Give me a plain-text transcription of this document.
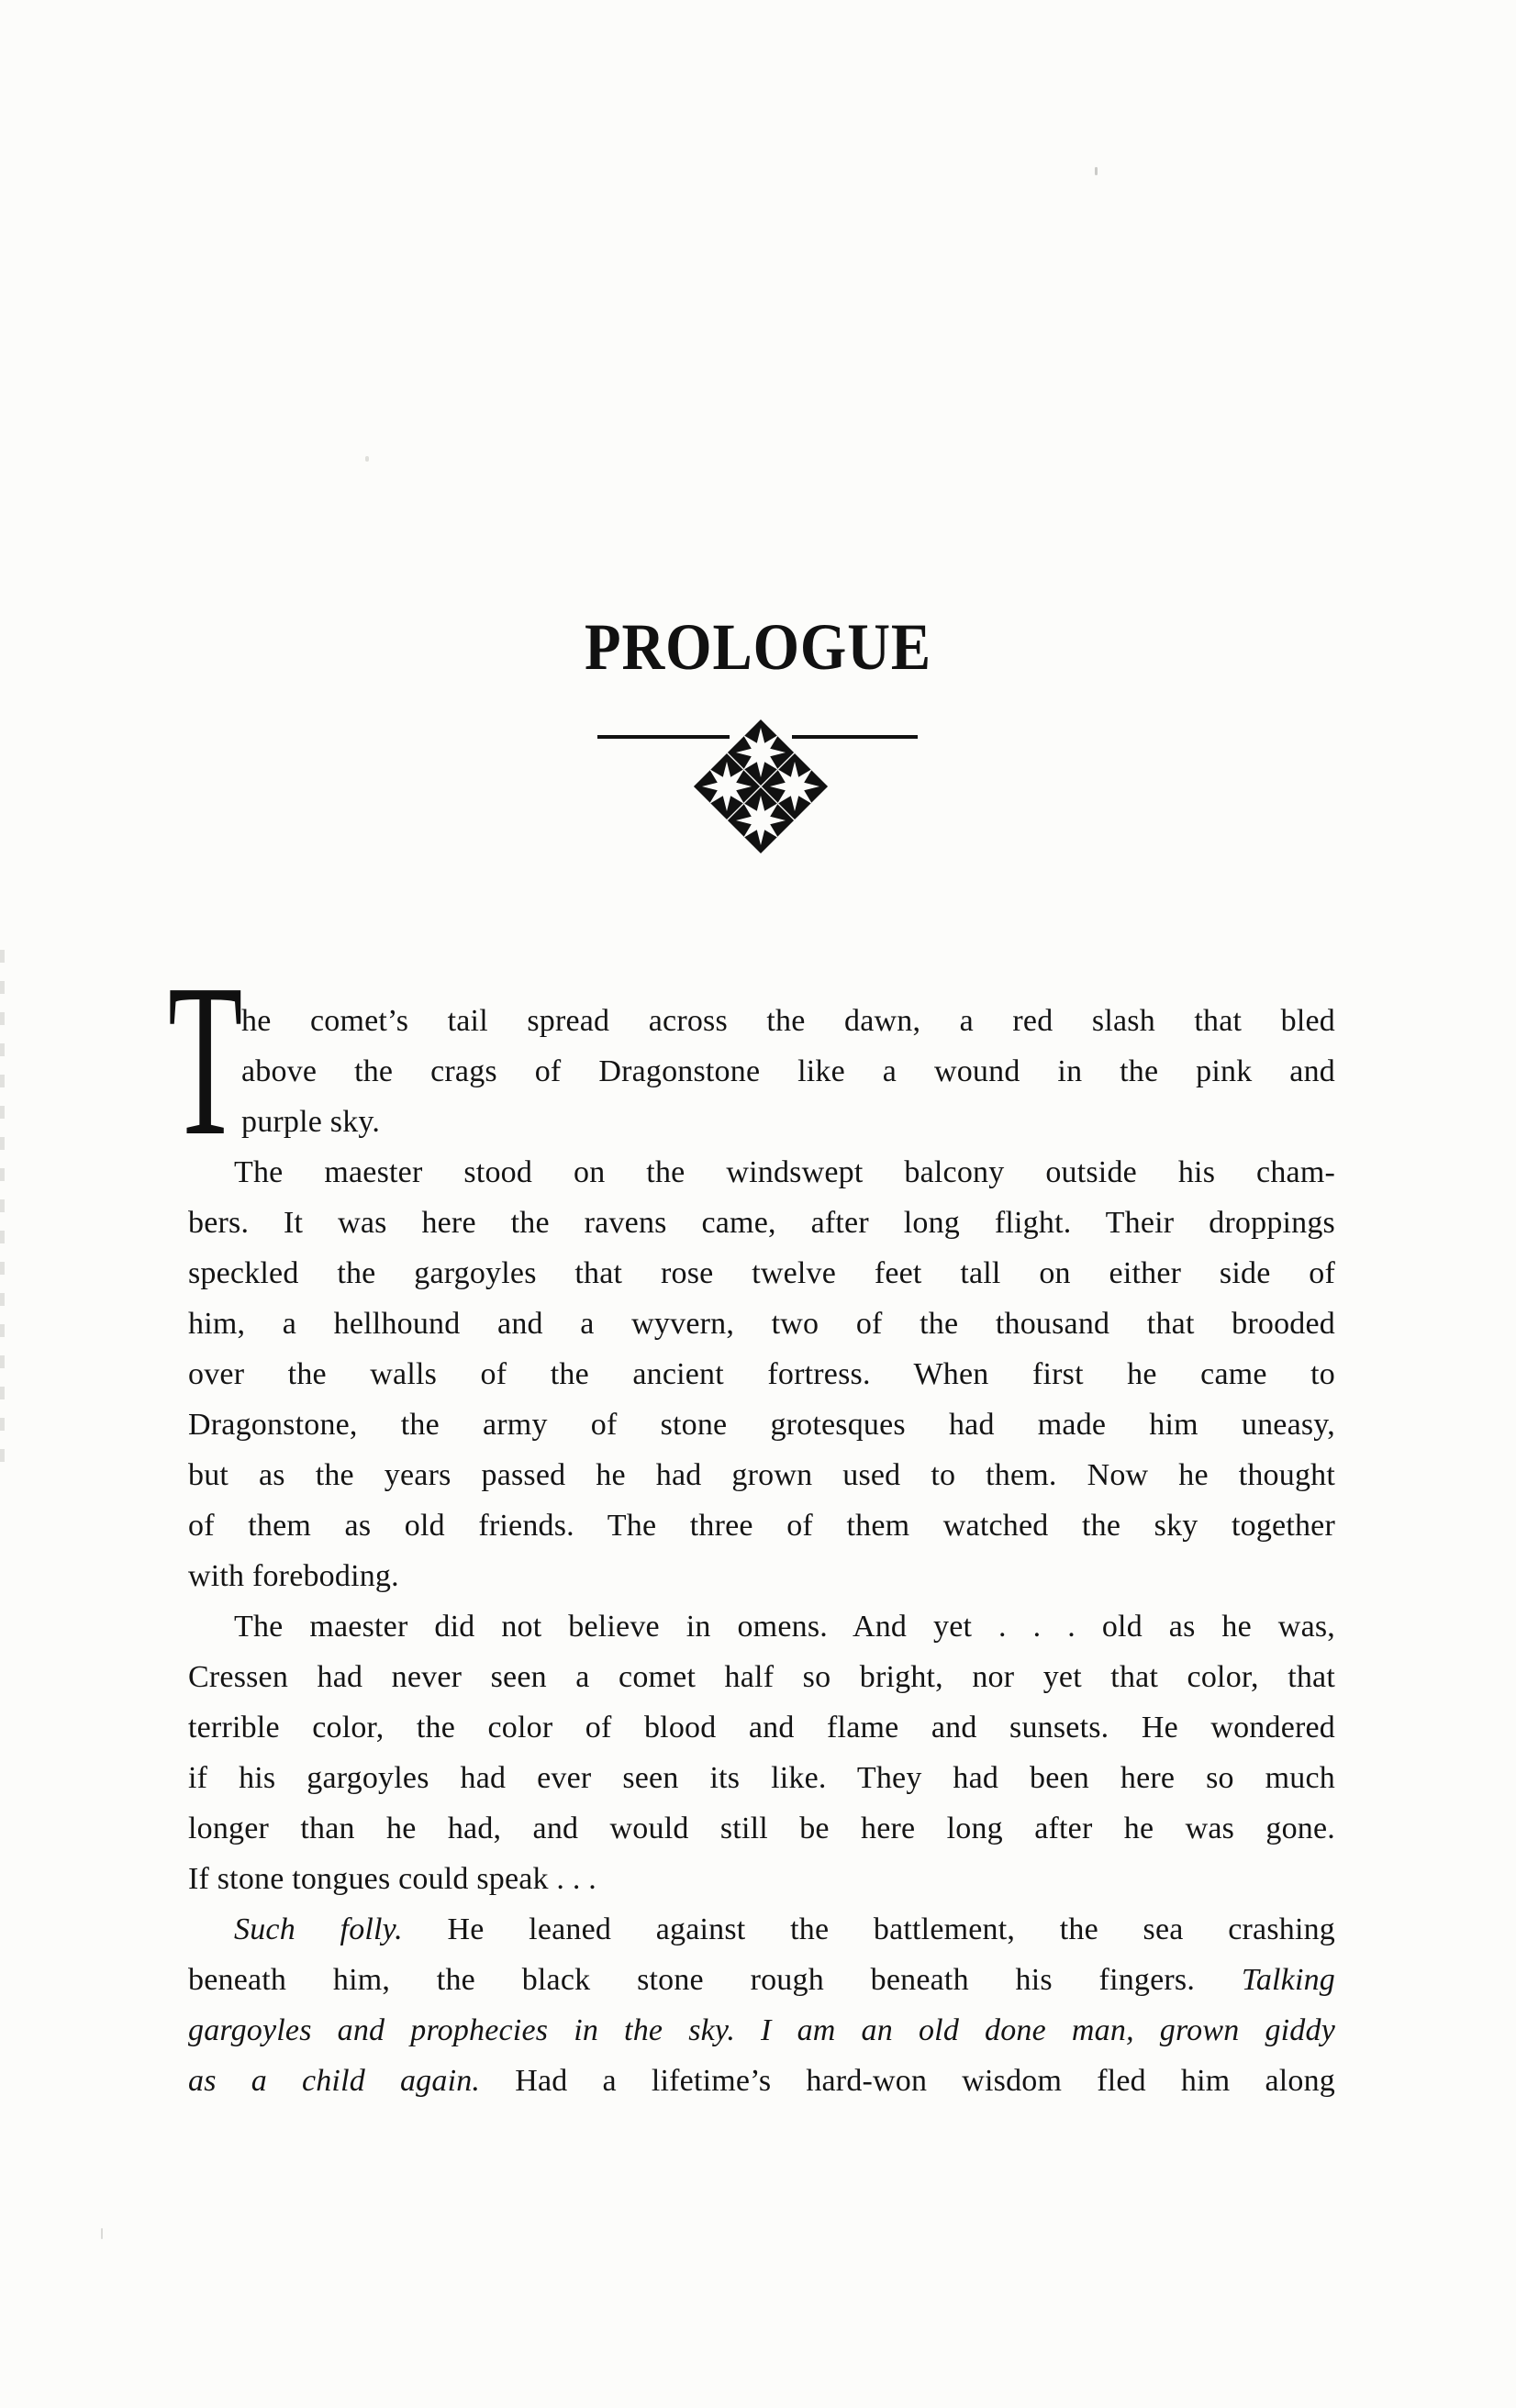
PROLOGUE
T
he comet’s tail spread across the dawn, a red slash that bled
above the crags of Dragonstone like a wound in the pink and
purple sky.
The maester stood on the windswept balcony outside his cham-
bers. It was here the ravens came, after long flight. Their droppings
speckled the gargoyles that rose twelve feet tall on either side of
him, a hellhound and a wyvern, two of the thousand that brooded
over the walls of the ancient fortress. When first he came to
Dragonstone, the army of stone grotesques had made him uneasy,
but as the years passed he had grown used to them. Now he thought
of them as old friends. The three of them watched the sky together
with foreboding.
The maester did not believe in omens. And yet . . . old as he was,
Cressen had never seen a comet half so bright, nor yet that color, that
terrible color, the color of blood and flame and sunsets. He wondered
if his gargoyles had ever seen its like. They had been here so much
longer than he had, and would still be here long after he was gone.
If stone tongues could speak . . .
Such folly. He leaned against the battlement, the sea crashing
beneath him, the black stone rough beneath his fingers. Talking
gargoyles and prophecies in the sky. I am an old done man, grown giddy
as a child again. Had a lifetime’s hard-won wisdom fled him along
